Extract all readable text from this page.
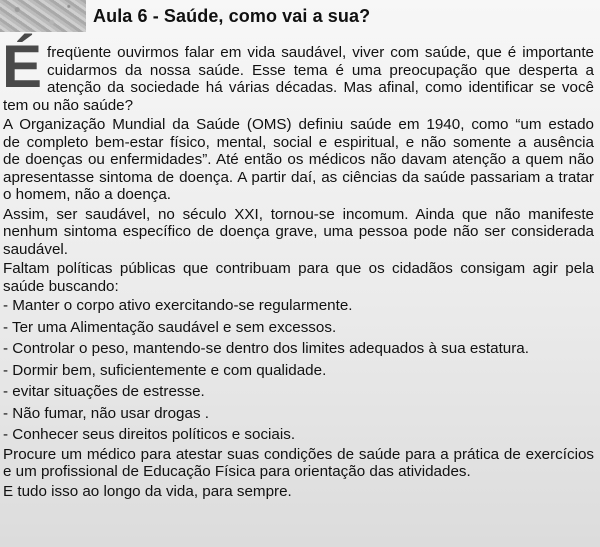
Aula 6 - Saúde, como vai a sua?
É freqüente ouvirmos falar em vida saudável, viver com saúde, que é importante
cuidarmos da nossa saúde. Esse tema é uma preocupação que desperta a
atenção da sociedade há várias décadas. Mas afinal, como identificar se você
tem ou não saúde?
A Organização Mundial da Saúde (OMS) definiu saúde em 1940, como “um estado
de completo bem-estar físico, mental, social e espiritual, e não somente a ausência
de doenças ou enfermidades”. Até então os médicos não davam atenção a quem não
apresentasse sintoma de doença. A partir daí, as ciências da saúde passariam a tratar
o homem, não a doença.
Assim, ser saudável, no século XXI, tornou-se incomum. Ainda que não manifeste
nenhum sintoma específico de doença grave, uma pessoa pode não ser considerada
saudável.
Faltam políticas públicas que contribuam para que os cidadãos consigam agir pela
saúde buscando:
- Manter o corpo ativo exercitando-se regularmente.
- Ter uma Alimentação saudável e sem excessos.
- Controlar o peso, mantendo-se dentro dos limites adequados à sua estatura.
- Dormir bem, suficientemente e com qualidade.
- evitar situações de estresse.
- Não fumar, não usar drogas .
- Conhecer seus direitos políticos e sociais.
Procure um médico para atestar suas condições de saúde para a prática de exercícios
e um profissional de Educação Física para orientação das atividades.
E tudo isso ao longo da vida, para sempre.
